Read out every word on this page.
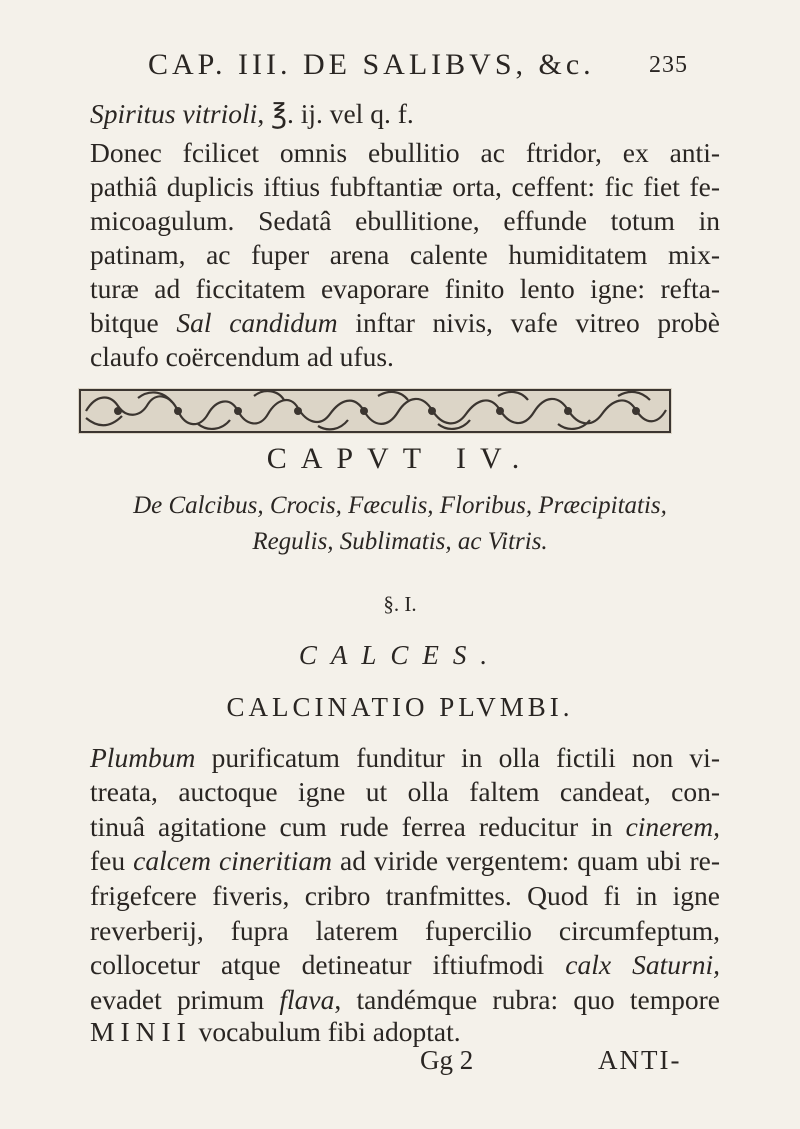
CAP. III. DE SALIBVS, &c. 235
Spiritus vitrioli, ℥. ij. vel q. f.
Donec fcilicet omnis ebullitio ac ftridor, ex anti-
pathiâ duplicis iftius fubftantiæ orta, ceffent: fic fiet fe-
micoagulum. Sedatâ ebullitione, effunde totum in
patinam, ac fuper arena calente humiditatem mix-
turæ ad ficcitatem evaporare finito lento igne: refta-
bitque Sal candidum inftar nivis, vafe vitreo probè
claufo coërcendum ad ufus.
CAPVT IV.
De Calcibus, Crocis, Fæculis, Floribus, Præcipitatis,
Regulis, Sublimatis, ac Vitris.
§. I.
CALCES.
CALCINATIO PLVMBI.
Plumbum purificatum funditur in olla fictili non vi-
treata, auctoque igne ut olla faltem candeat, con-
tinuâ agitatione cum rude ferrea reducitur in cinerem,
feu calcem cineritiam ad viride vergentem: quam ubi re-
frigefcere fiveris, cribro tranfmittes. Quod fi in igne
reverberij, fupra laterem fupercilio circumfeptum,
collocetur atque detineatur iftiufmodi calx Saturni,
evadet primum flava, tandémque rubra: quo tempore
MINII vocabulum fibi adoptat.
Gg 2	ANTI-
